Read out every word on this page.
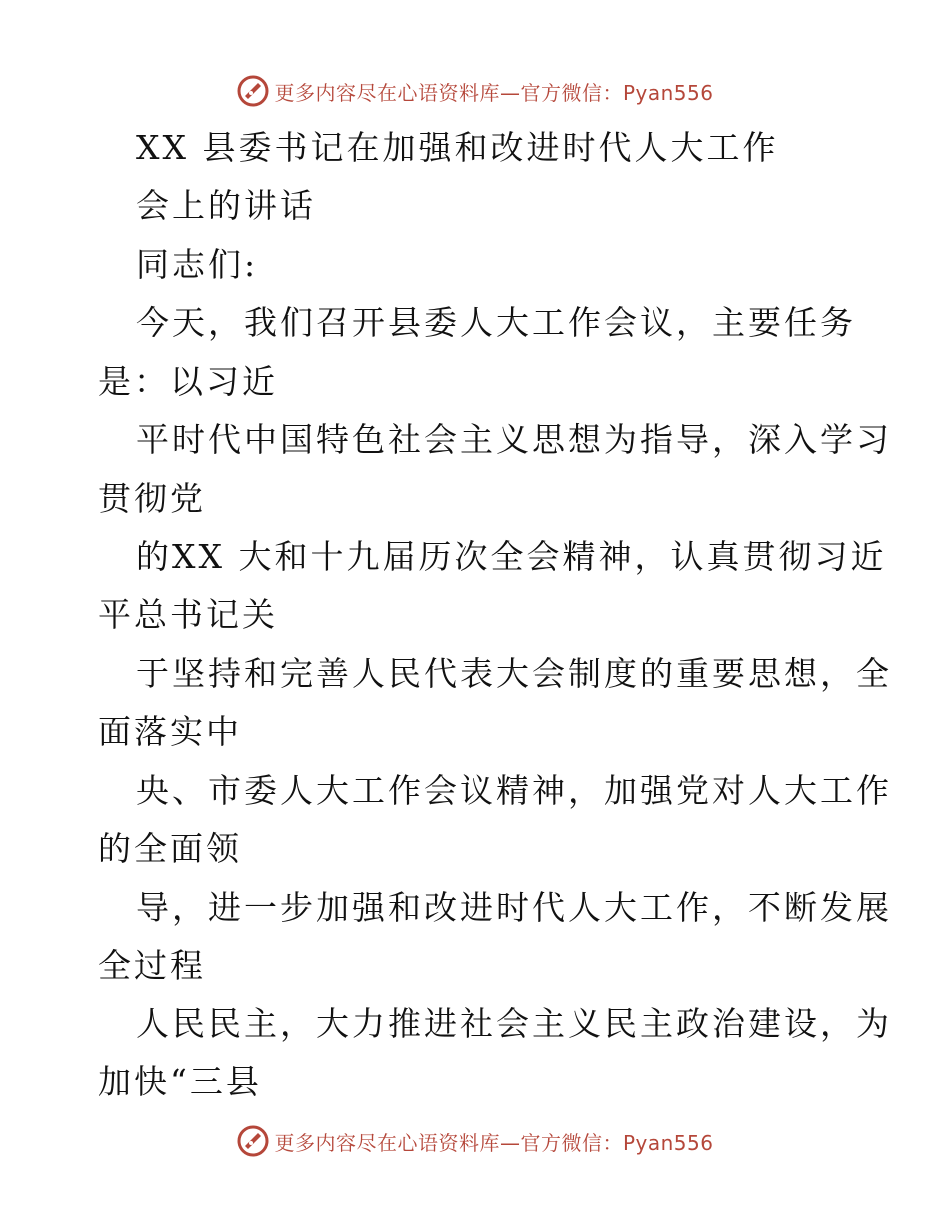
更多内容尽在心语资料库—官方微信：Pyan556
XX 县委书记在加强和改进时代人大工作
会上的讲话
同志们:
今天，我们召开县委人大工作会议，主要任务
是：以习近
平时代中国特色社会主义思想为指导，深入学习
贯彻党
的XX 大和十九届历次全会精神，认真贯彻习近
平总书记关
于坚持和完善人民代表大会制度的重要思想，全
面落实中
央、市委人大工作会议精神，加强党对人大工作
的全面领
导，进一步加强和改进时代人大工作，不断发展
全过程
人民民主，大力推进社会主义民主政治建设，为
加快“三县
更多内容尽在心语资料库—官方微信：Pyan556
